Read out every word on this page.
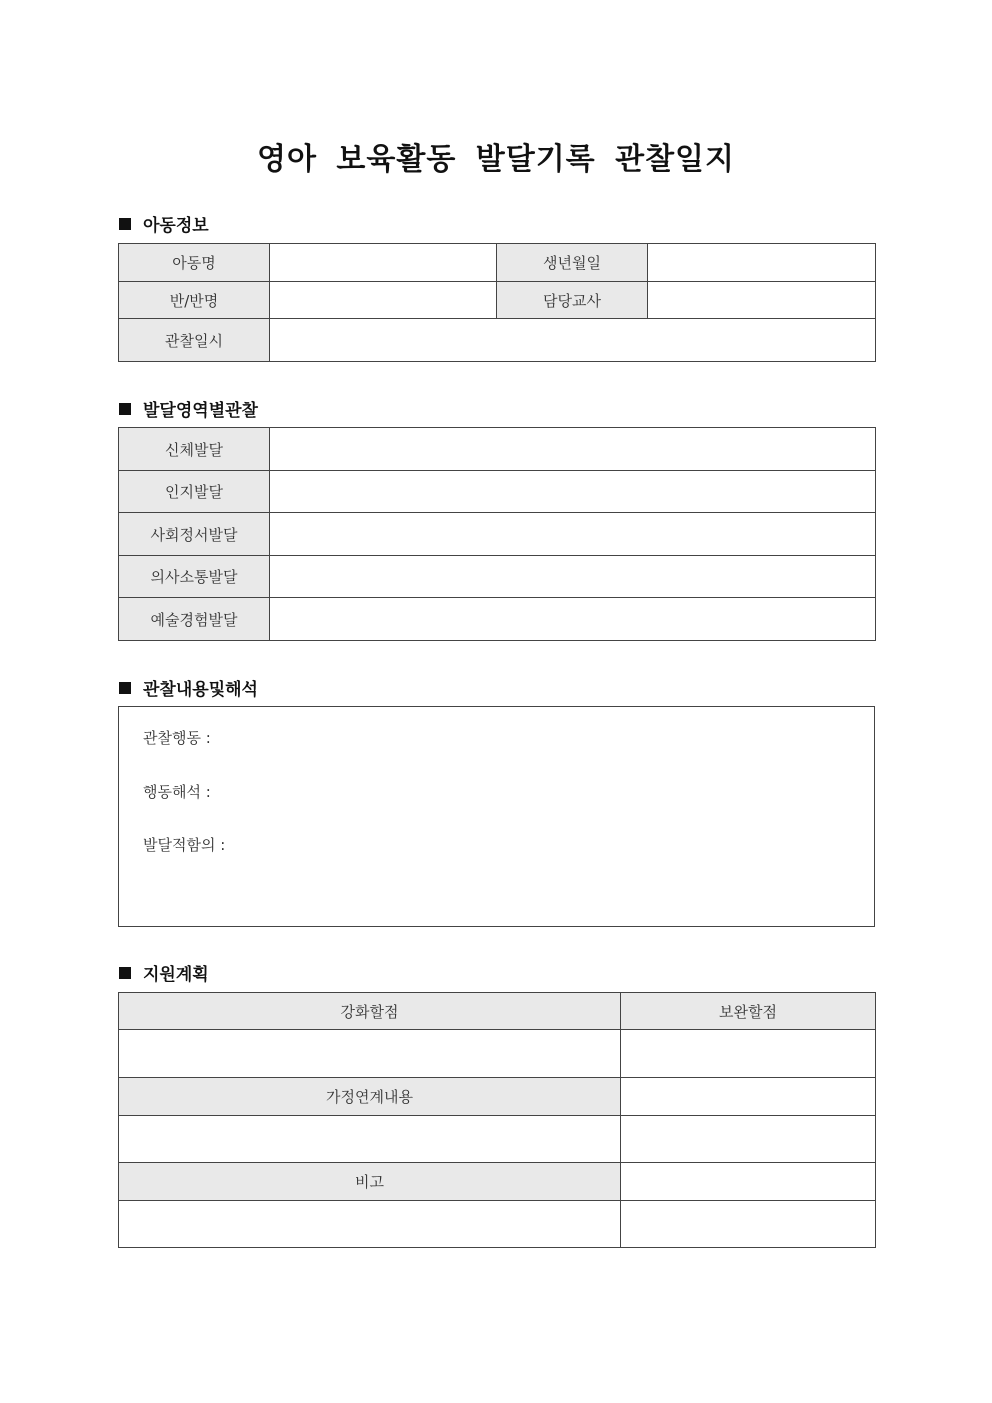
영아 보육활동 발달기록 관찰일지
아동정보
아동명		생년월일	
반/반명		담당교사	
관찰일시			
발달영역별관찰
신체발달	
인지발달	
사회정서발달	
의사소통발달	
예술경험발달	
관찰내용및해석
관찰행동 :
행동해석 :
발달적함의 :
지원계획
강화할점	보완할점

가정연계내용	

비고	
